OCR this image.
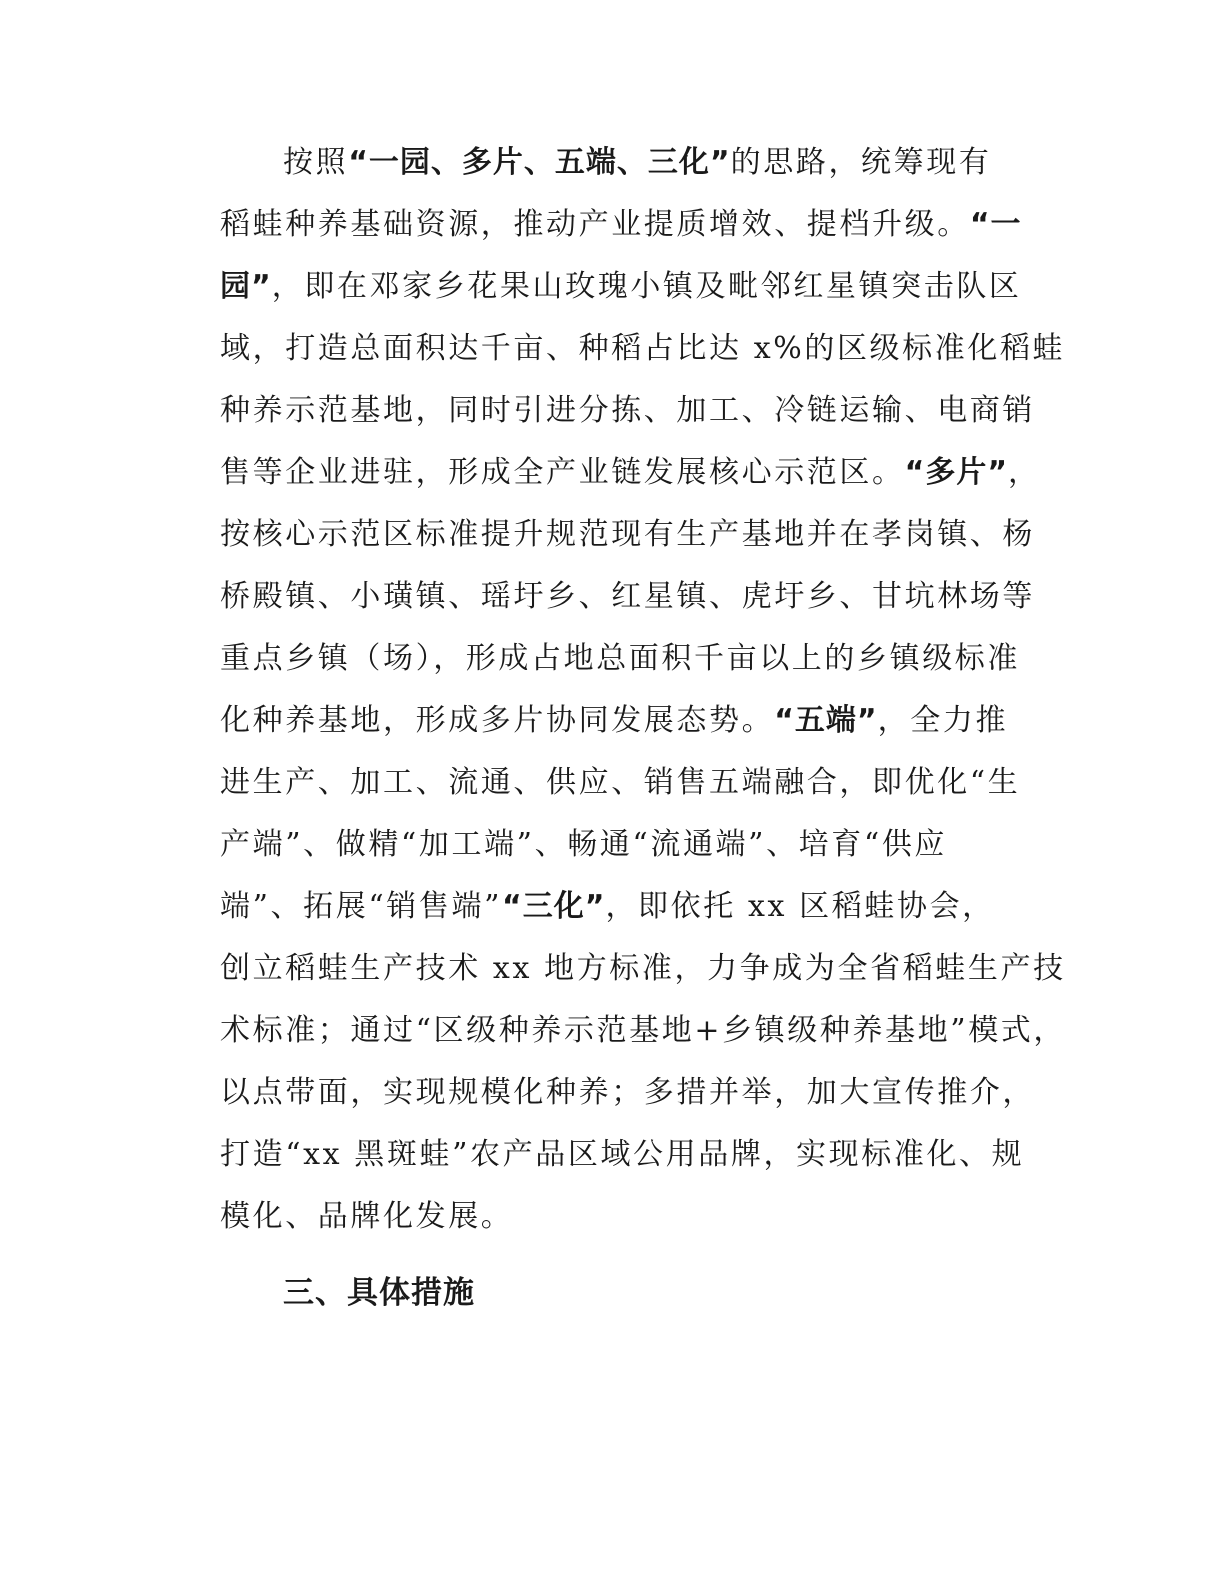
按照“一园、多片、五端、三化”的思路，统筹现有
稻蛙种养基础资源，推动产业提质增效、提档升级。“一
园”，即在邓家乡花果山玫瑰小镇及毗邻红星镇突击队区
域，打造总面积达千亩、种稻占比达 x%的区级标准化稻蛙
种养示范基地，同时引进分拣、加工、冷链运输、电商销
售等企业进驻，形成全产业链发展核心示范区。“多片”，
按核心示范区标准提升规范现有生产基地并在孝岗镇、杨
桥殿镇、小璜镇、瑶圩乡、红星镇、虎圩乡、甘坑林场等
重点乡镇（场），形成占地总面积千亩以上的乡镇级标准
化种养基地，形成多片协同发展态势。“五端”，全力推
进生产、加工、流通、供应、销售五端融合，即优化“生
产端”、做精“加工端”、畅通“流通端”、培育“供应
端”、拓展“销售端”“三化”，即依托 xx 区稻蛙协会，
创立稻蛙生产技术 xx 地方标准，力争成为全省稻蛙生产技
术标准；通过“区级种养示范基地+乡镇级种养基地”模式，
以点带面，实现规模化种养；多措并举，加大宣传推介，
打造“xx 黑斑蛙”农产品区域公用品牌，实现标准化、规
模化、品牌化发展。
三、具体措施
